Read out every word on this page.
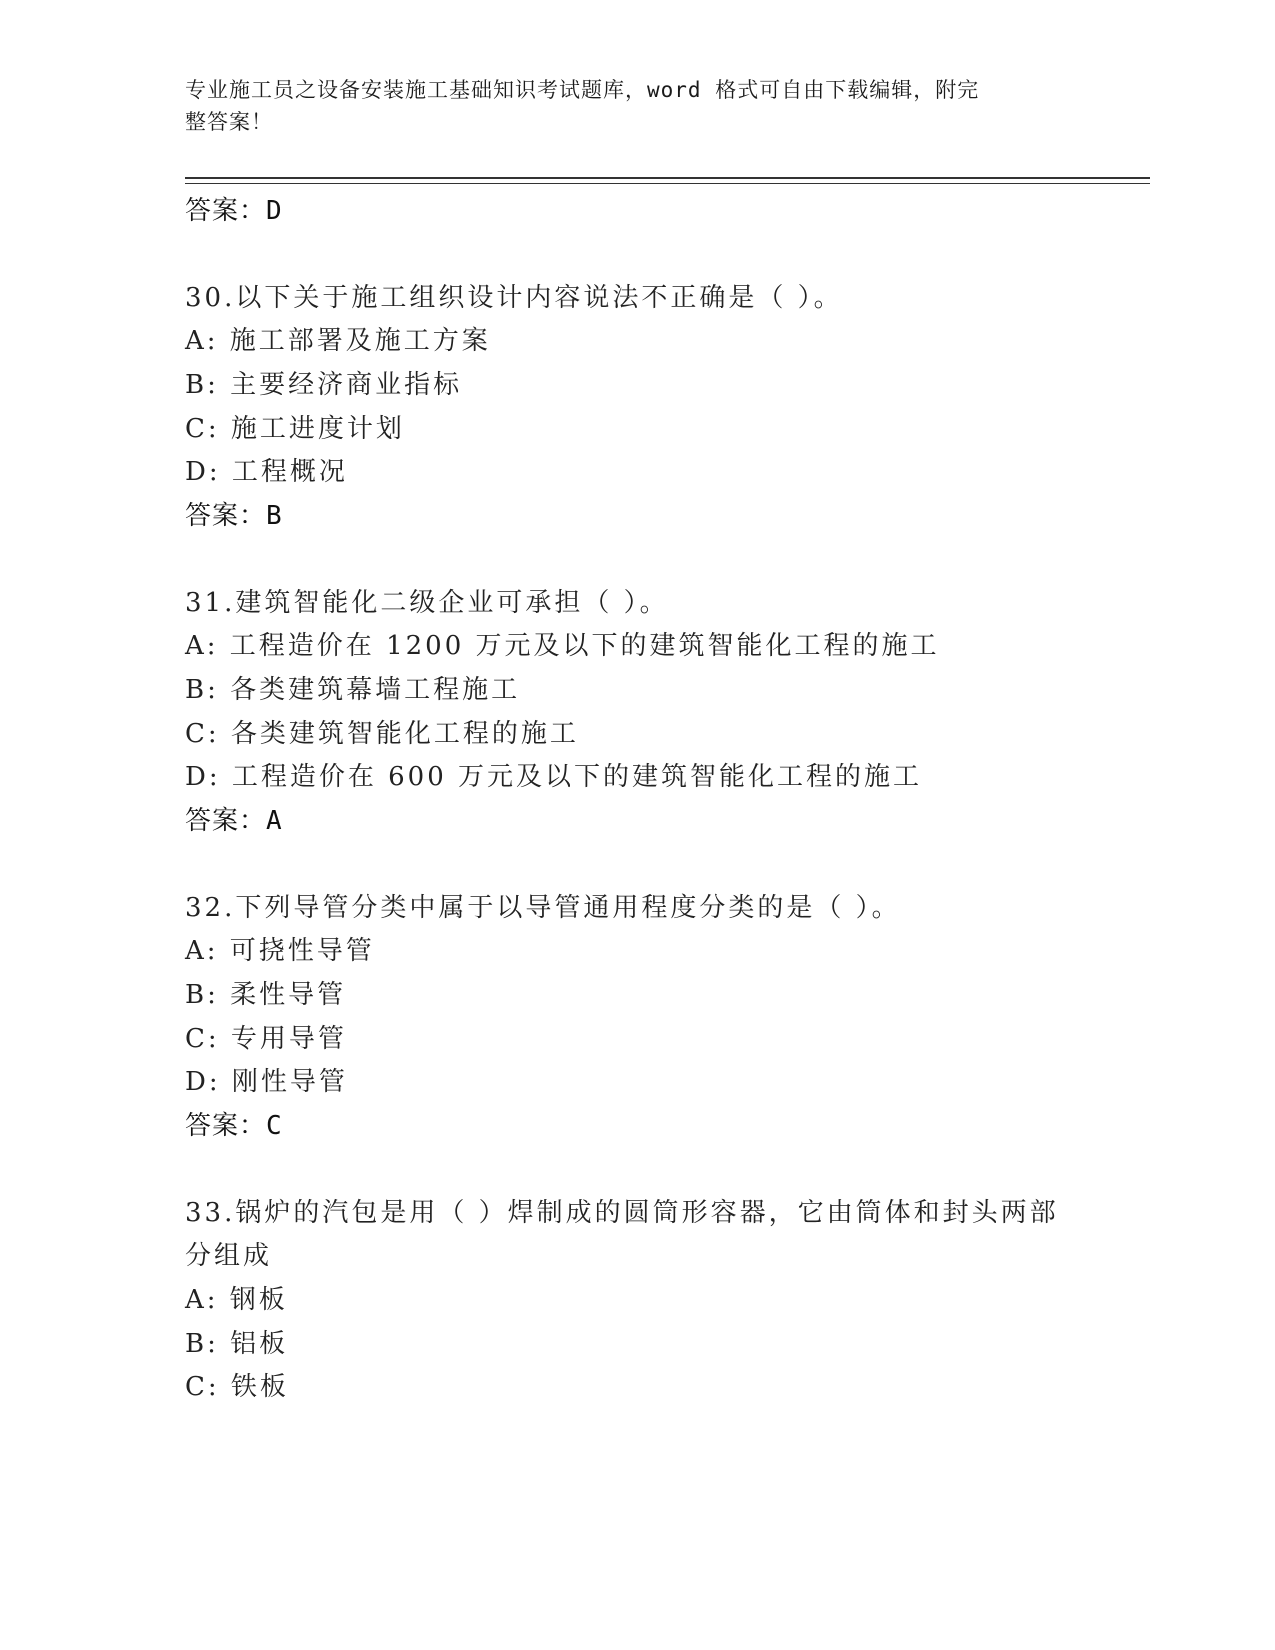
专业施工员之设备安装施工基础知识考试题库，word 格式可自由下载编辑，附完
整答案！
答案：D
30.以下关于施工组织设计内容说法不正确是（ ）。
A: 施工部署及施工方案
B: 主要经济商业指标
C: 施工进度计划
D: 工程概况
答案：B
31.建筑智能化二级企业可承担（ ）。
A: 工程造价在 1200 万元及以下的建筑智能化工程的施工
B: 各类建筑幕墙工程施工
C: 各类建筑智能化工程的施工
D: 工程造价在 600 万元及以下的建筑智能化工程的施工
答案：A
32.下列导管分类中属于以导管通用程度分类的是（ ）。
A: 可挠性导管
B: 柔性导管
C: 专用导管
D: 刚性导管
答案：C
33.锅炉的汽包是用（ ）焊制成的圆筒形容器，它由筒体和封头两部
分组成
A: 钢板
B: 铝板
C: 铁板
